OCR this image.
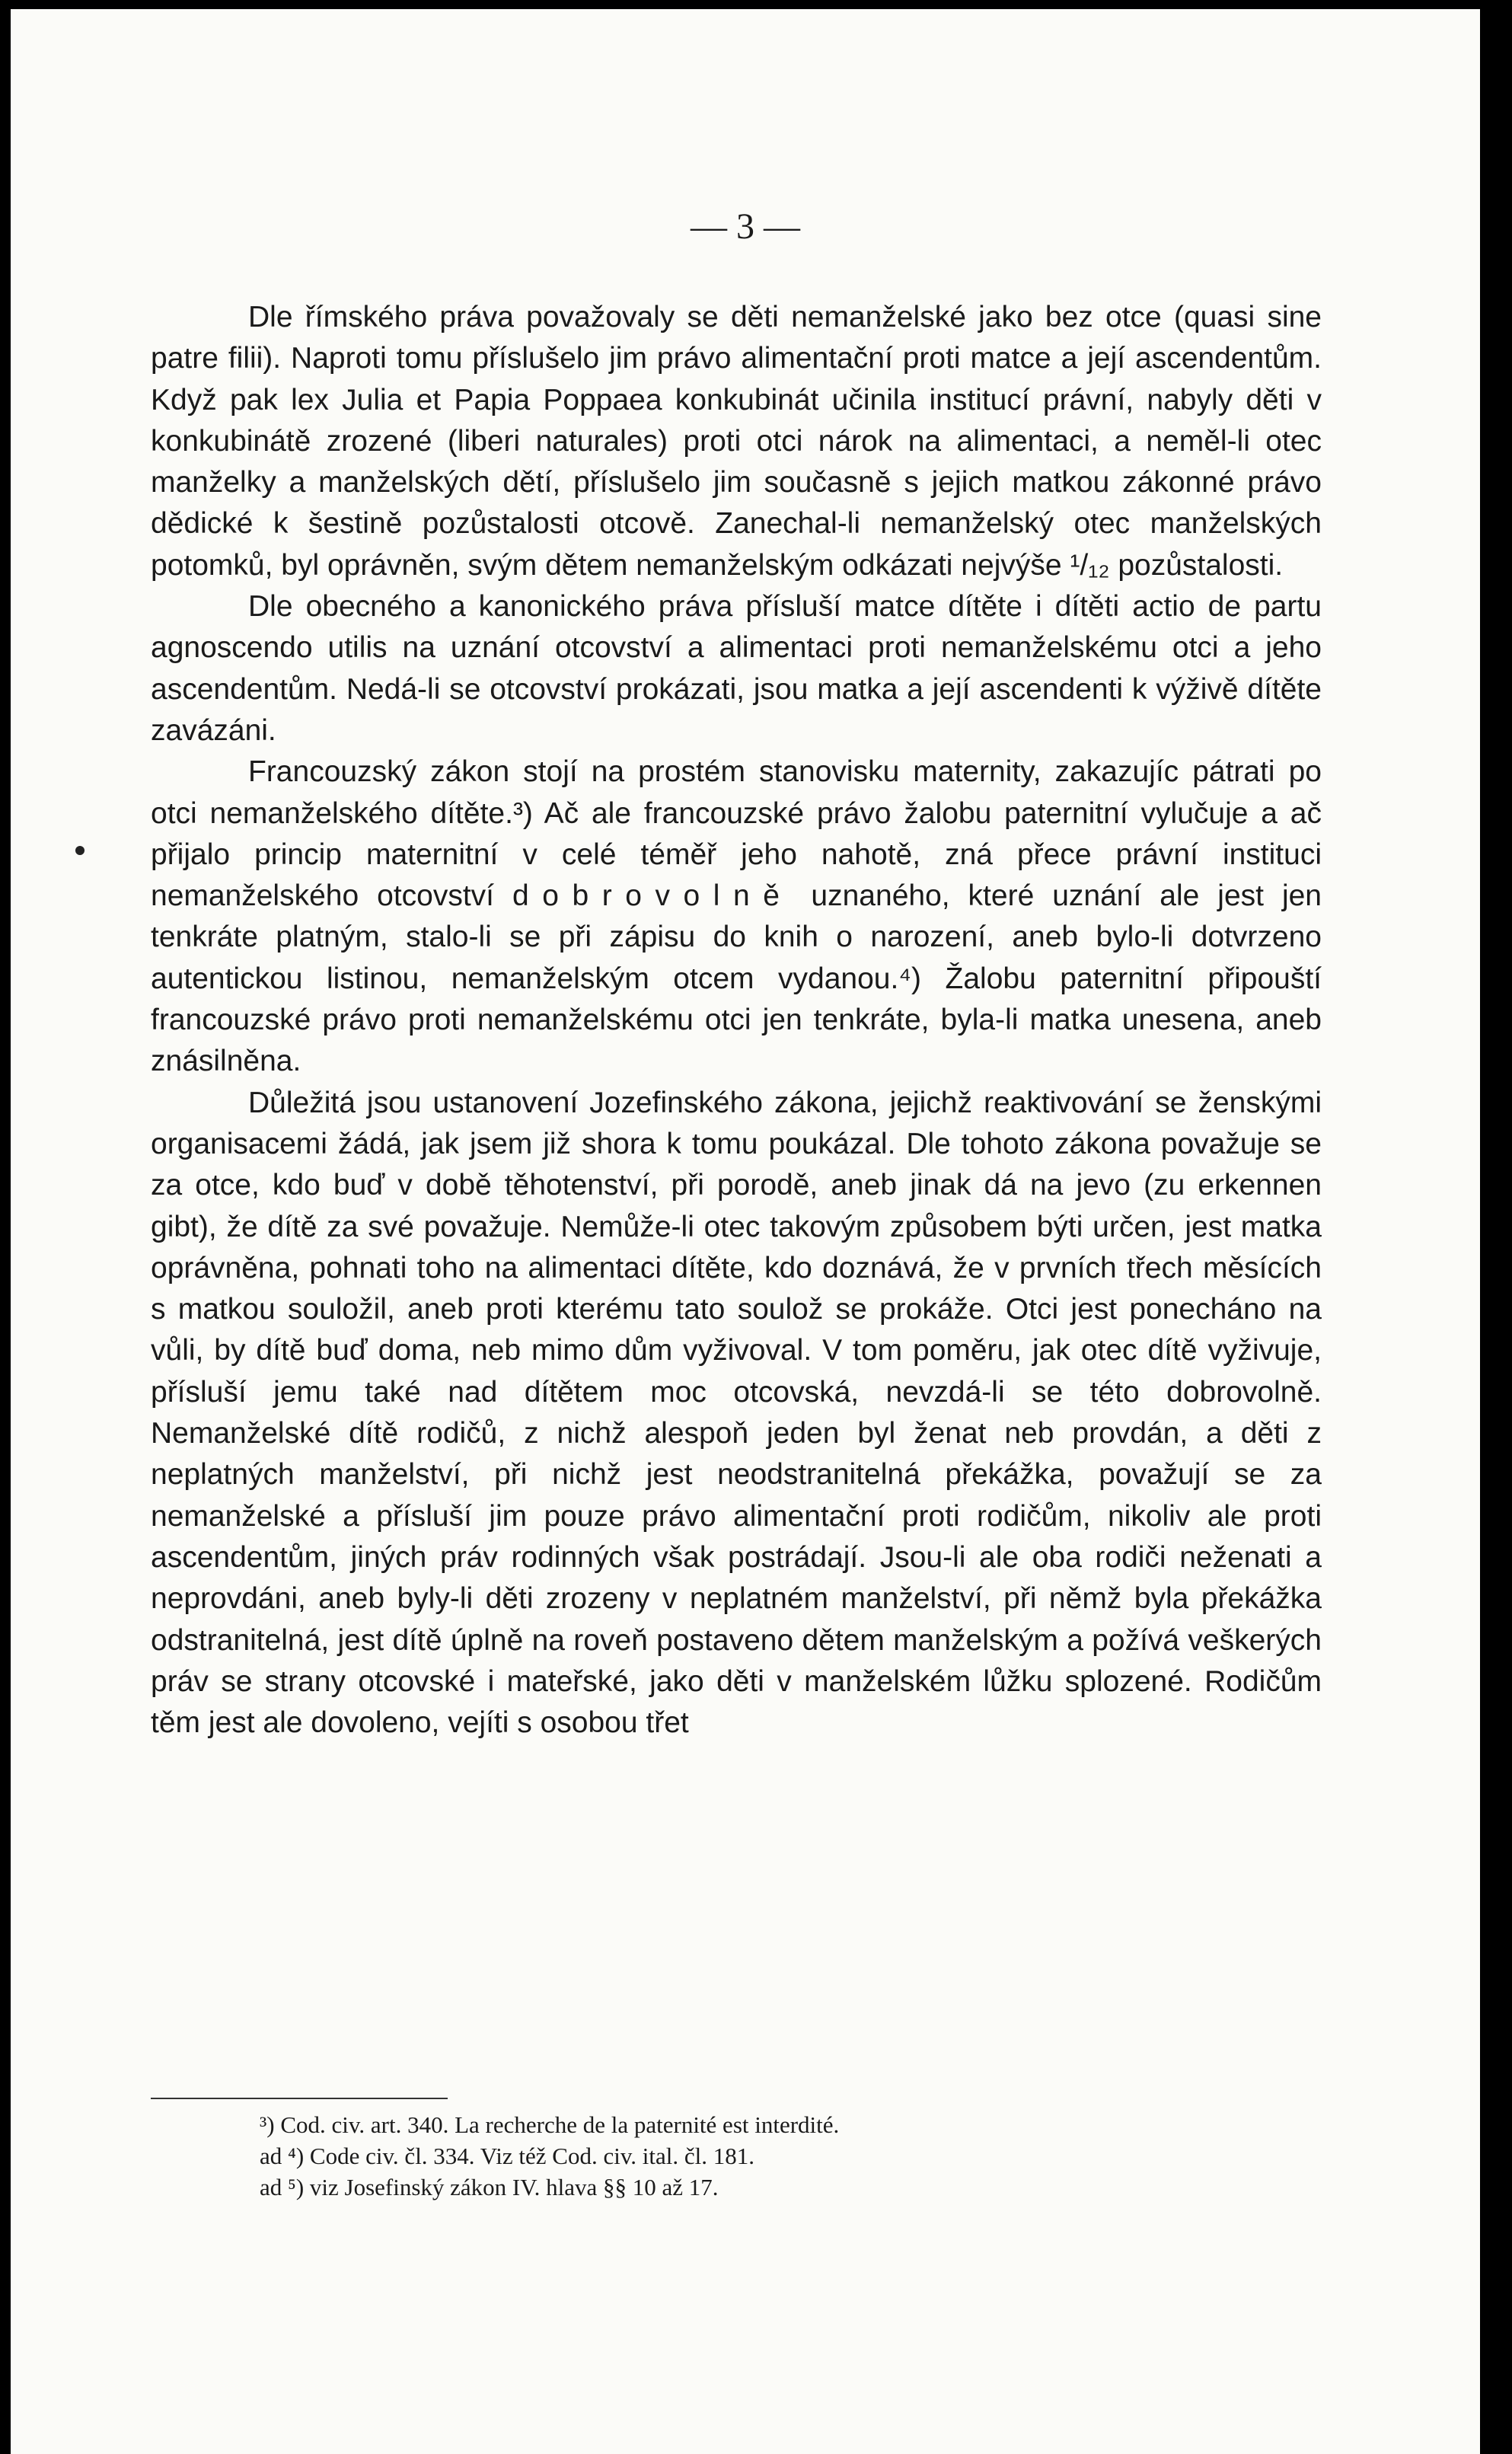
— 3 —

Dle římského práva považovaly se děti nemanželské jako bez otce (quasi sine patre filii). Naproti tomu příslušelo jim právo alimentační proti matce a její ascendentům. Když pak lex Julia et Papia Poppaea konkubinát učinila institucí právní, nabyly děti v konkubinátě zrozené (liberi naturales) proti otci nárok na alimentaci, a neměl-li otec manželky a manželských dětí, příslušelo jim současně s jejich matkou zákonné právo dědické k šestině pozůstalosti otcově. Zanechal-li nemanželský otec manželských potomků, byl oprávněn, svým dětem nemanželským odkázati nejvýše ¹/₁₂ pozůstalosti.

Dle obecného a kanonického práva přísluší matce dítěte i dítěti actio de partu agnoscendo utilis na uznání otcovství a alimentaci proti nemanželskému otci a jeho ascendentům. Nedá-li se otcovství prokázati, jsou matka a její ascendenti k výživě dítěte zavázáni.

Francouzský zákon stojí na prostém stanovisku maternity, zakazujíc pátrati po otci nemanželského dítěte.³) Ač ale francouzské právo žalobu paternitní vylučuje a ač přijalo princip maternitní v celé téměř jeho nahotě, zná přece právní instituci nemanželského otcovství dobrovolně uznaného, které uznání ale jest jen tenkráte platným, stalo-li se při zápisu do knih o narození, aneb bylo-li dotvrzeno autentickou listinou, nemanželským otcem vydanou.⁴) Žalobu paternitní připouští francouzské právo proti nemanželskému otci jen tenkráte, byla-li matka unesena, aneb znásilněna.

Důležitá jsou ustanovení Jozefinského zákona, jejichž reaktivování se ženskými organisacemi žádá, jak jsem již shora k tomu poukázal. Dle tohoto zákona považuje se za otce, kdo buď v době těhotenství, při porodě, aneb jinak dá na jevo (zu erkennen gibt), že dítě za své považuje. Nemůže-li otec takovým způsobem býti určen, jest matka oprávněna, pohnati toho na alimentaci dítěte, kdo doznává, že v prvních třech měsících s matkou souložil, aneb proti kterému tato soulož se prokáže. Otci jest ponecháno na vůli, by dítě buď doma, neb mimo dům vyživoval. V tom poměru, jak otec dítě vyživuje, přísluší jemu také nad dítětem moc otcovská, nevzdá-li se této dobrovolně. Nemanželské dítě rodičů, z nichž alespoň jeden byl ženat neb provdán, a děti z neplatných manželství, při nichž jest neodstranitelná překážka, považují se za nemanželské a přísluší jim pouze právo alimentační proti rodičům, nikoliv ale proti ascendentům, jiných práv rodinných však postrádají. Jsou-li ale oba rodiči neženati a neprovdáni, aneb byly-li děti zrozeny v neplatném manželství, při němž byla překážka odstranitelná, jest dítě úplně na roveň postaveno dětem manželským a požívá veškerých práv se strany otcovské i mateřské, jako děti v manželském lůžku splozené. Rodičům těm jest ale dovoleno, vejíti s osobou třet

³) Cod. civ. art. 340. La recherche de la paternité est interdité.
ad ⁴) Code civ. čl. 334. Viz též Cod. civ. ital. čl. 181.
ad ⁵) viz Josefinský zákon IV. hlava §§ 10 až 17.
